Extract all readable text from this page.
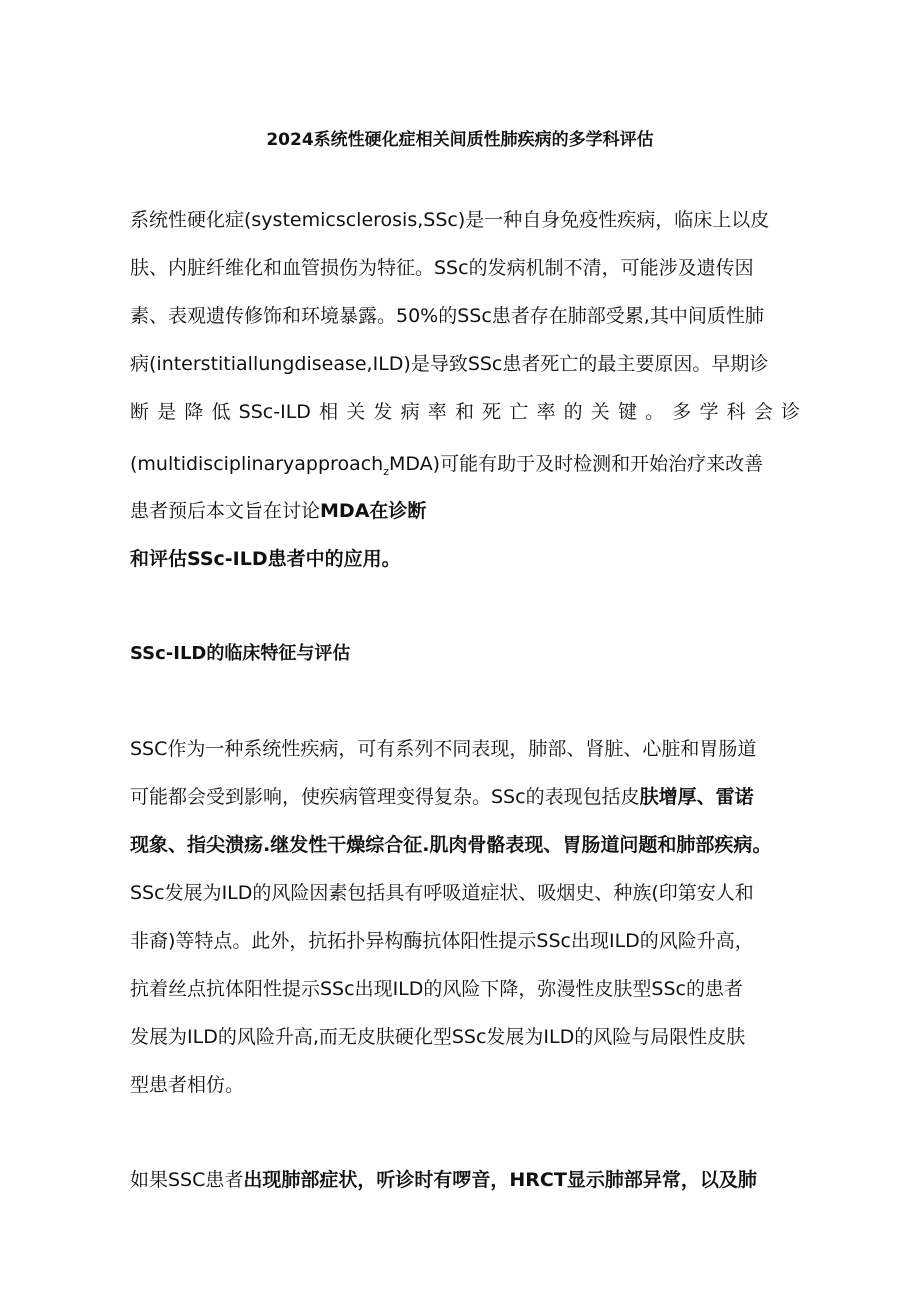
2024系统性硬化症相关间质性肺疾病的多学科评估

系统性硬化症(systemicsclerosis,SSc)是一种自身免疫性疾病，临床上以皮

肤、内脏纤维化和血管损伤为特征。SSc的发病机制不清，可能涉及遗传因

素、表观遗传修饰和环境暴露。50%的SSc患者存在肺部受累,其中间质性肺

病(interstitiallungdisease,ILD)是导致SSc患者死亡的最主要原因。早期诊

断是降低SSc-ILD相关发病率和死亡率的关键。多学科会诊

(multidisciplinaryapproach$_z$MDA)可能有助于及时检测和开始治疗来改善

患者预后本文旨在讨论MDA在诊断

和评估SSc-ILD患者中的应用。

SSc-ILD的临床特征与评估

SSC作为一种系统性疾病，可有系列不同表现，肺部、肾脏、心脏和胃肠道

可能都会受到影响，使疾病管理变得复杂。SSc的表现包括皮肤增厚、雷诺

现象、指尖溃疡.继发性干燥综合征.肌肉骨骼表现、胃肠道问题和肺部疾病。

SSc发展为ILD的风险因素包括具有呼吸道症状、吸烟史、种族(印第安人和

非裔)等特点。此外，抗拓扑异构酶抗体阳性提示SSc出现ILD的风险升高，

抗着丝点抗体阳性提示SSc出现ILD的风险下降，弥漫性皮肤型SSc的患者

发展为ILD的风险升高,而无皮肤硬化型SSc发展为ILD的风险与局限性皮肤

型患者相仿。

如果SSC患者出现肺部症状，听诊时有啰音，HRCT显示肺部异常，以及肺
